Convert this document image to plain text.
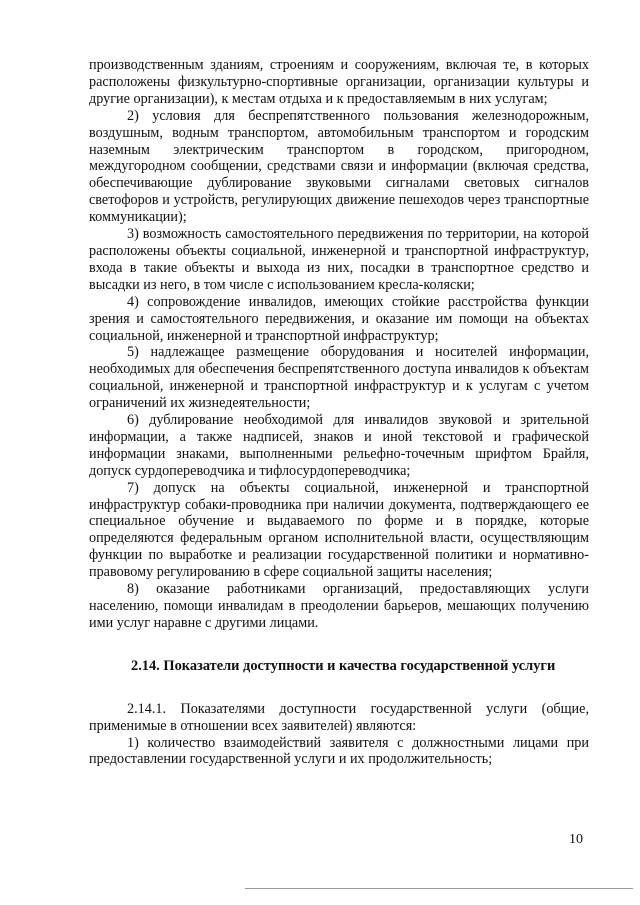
производственным зданиям, строениям и сооружениям, включая те, в которых расположены физкультурно-спортивные организации, организации культуры и другие организации), к местам отдыха и к предоставляемым в них услугам;

2) условия для беспрепятственного пользования железнодорожным, воздушным, водным транспортом, автомобильным транспортом и городским наземным электрическим транспортом в городском, пригородном, междугородном сообщении, средствами связи и информации (включая средства, обеспечивающие дублирование звуковыми сигналами световых сигналов светофоров и устройств, регулирующих движение пешеходов через транспортные коммуникации);

3) возможность самостоятельного передвижения по территории, на которой расположены объекты социальной, инженерной и транспортной инфраструктур, входа в такие объекты и выхода из них, посадки в транспортное средство и высадки из него, в том числе с использованием кресла-коляски;

4) сопровождение инвалидов, имеющих стойкие расстройства функции зрения и самостоятельного передвижения, и оказание им помощи на объектах социальной, инженерной и транспортной инфраструктур;

5) надлежащее размещение оборудования и носителей информации, необходимых для обеспечения беспрепятственного доступа инвалидов к объектам социальной, инженерной и транспортной инфраструктур и к услугам с учетом ограничений их жизнедеятельности;

6) дублирование необходимой для инвалидов звуковой и зрительной информации, а также надписей, знаков и иной текстовой и графической информации знаками, выполненными рельефно-точечным шрифтом Брайля, допуск сурдопереводчика и тифлосурдопереводчика;

7) допуск на объекты социальной, инженерной и транспортной инфраструктур собаки-проводника при наличии документа, подтверждающего ее специальное обучение и выдаваемого по форме и в порядке, которые определяются федеральным органом исполнительной власти, осуществляющим функции по выработке и реализации государственной политики и нормативно-правовому регулированию в сфере социальной защиты населения;

8) оказание работниками организаций, предоставляющих услуги населению, помощи инвалидам в преодолении барьеров, мешающих получению ими услуг наравне с другими лицами.

2.14. Показатели доступности и качества государственной услуги

2.14.1. Показателями доступности государственной услуги (общие, применимые в отношении всех заявителей) являются:

1) количество взаимодействий заявителя с должностными лицами при предоставлении государственной услуги и их продолжительность;

10
